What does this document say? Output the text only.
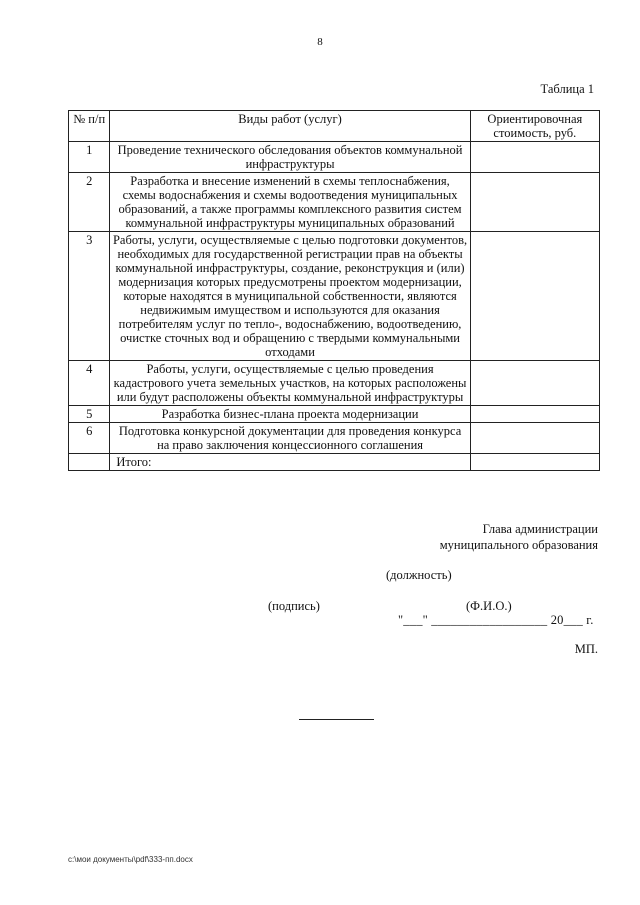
8
Таблица 1
№ п/п	Виды работ (услуг)	Ориентировочная стоимость, руб.
1	Проведение технического обследования объектов коммунальной инфраструктуры	
2	Разработка и внесение изменений в схемы теплоснабжения, схемы водоснабжения и схемы водоотведения муниципальных образований, а также программы комплексного развития систем коммунальной инфраструктуры муниципальных образований	
3	Работы, услуги, осуществляемые с целью подготовки документов, необходимых для государственной регистрации прав на объекты коммунальной инфраструктуры, создание, реконструкция и (или) модернизация которых предусмотрены проектом модернизации, которые находятся в муниципальной собственности, являются недвижимым имуществом и используются для оказания потребителям услуг по тепло-, водоснабжению, водоотведению, очистке сточных вод и обращению с твердыми коммунальными отходами	
4	Работы, услуги, осуществляемые с целью проведения кадастрового учета земельных участков, на которых расположены или будут расположены объекты коммунальной инфраструктуры	
5	Разработка бизнес-плана проекта модернизации	
6	Подготовка конкурсной документации для проведения конкурса на право заключения концессионного соглашения	
	Итого:	
Глава администрации
муниципального образования
(должность)
(подпись)	(Ф.И.О.)
"___" __________________ 20___ г.
МП.
c:\мои документы\pdf\333-пп.docx
